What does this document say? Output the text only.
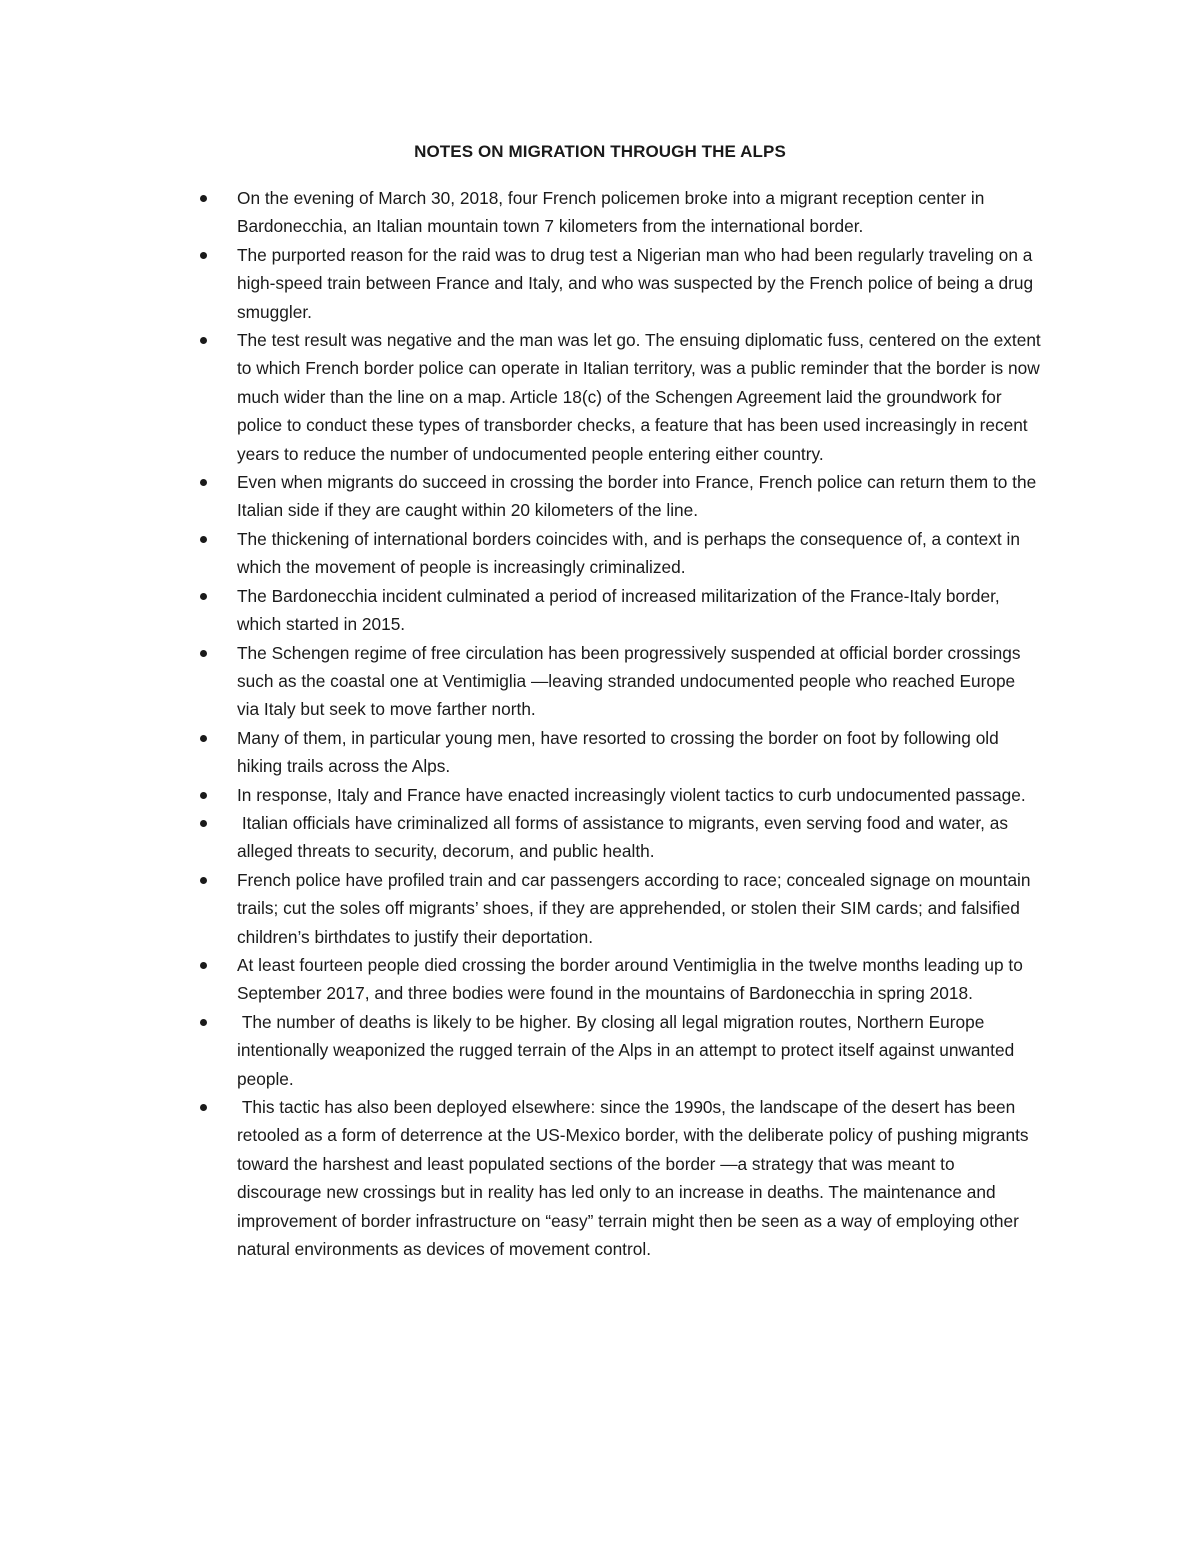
NOTES ON MIGRATION THROUGH THE ALPS
On the evening of March 30, 2018, four French policemen broke into a migrant reception center in Bardonecchia, an Italian mountain town 7 kilometers from the international border.
The purported reason for the raid was to drug test a Nigerian man who had been regularly traveling on a high-speed train between France and Italy, and who was suspected by the French police of being a drug smuggler.
The test result was negative and the man was let go. The ensuing diplomatic fuss, centered on the extent to which French border police can operate in Italian territory, was a public reminder that the border is now much wider than the line on a map. Article 18(c) of the Schengen Agreement laid the groundwork for police to conduct these types of transborder checks, a feature that has been used increasingly in recent years to reduce the number of undocumented people entering either country.
Even when migrants do succeed in crossing the border into France, French police can return them to the Italian side if they are caught within 20 kilometers of the line.
The thickening of international borders coincides with, and is perhaps the consequence of, a context in which the movement of people is increasingly criminalized.
The Bardonecchia incident culminated a period of increased militarization of the France-Italy border, which started in 2015.
The Schengen regime of free circulation has been progressively suspended at official border crossings such as the coastal one at Ventimiglia —leaving stranded undocumented people who reached Europe via Italy but seek to move farther north.
Many of them, in particular young men, have resorted to crossing the border on foot by following old hiking trails across the Alps.
In response, Italy and France have enacted increasingly violent tactics to curb undocumented passage.
Italian officials have criminalized all forms of assistance to migrants, even serving food and water, as alleged threats to security, decorum, and public health.
French police have profiled train and car passengers according to race; concealed signage on mountain trails; cut the soles off migrants’ shoes, if they are apprehended, or stolen their SIM cards; and falsified children’s birthdates to justify their deportation.
At least fourteen people died crossing the border around Ventimiglia in the twelve months leading up to September 2017, and three bodies were found in the mountains of Bardonecchia in spring 2018.
The number of deaths is likely to be higher. By closing all legal migration routes, Northern Europe intentionally weaponized the rugged terrain of the Alps in an attempt to protect itself against unwanted people.
This tactic has also been deployed elsewhere: since the 1990s, the landscape of the desert has been retooled as a form of deterrence at the US-Mexico border, with the deliberate policy of pushing migrants toward the harshest and least populated sections of the border —a strategy that was meant to discourage new crossings but in reality has led only to an increase in deaths. The maintenance and improvement of border infrastructure on “easy” terrain might then be seen as a way of employing other natural environments as devices of movement control.
